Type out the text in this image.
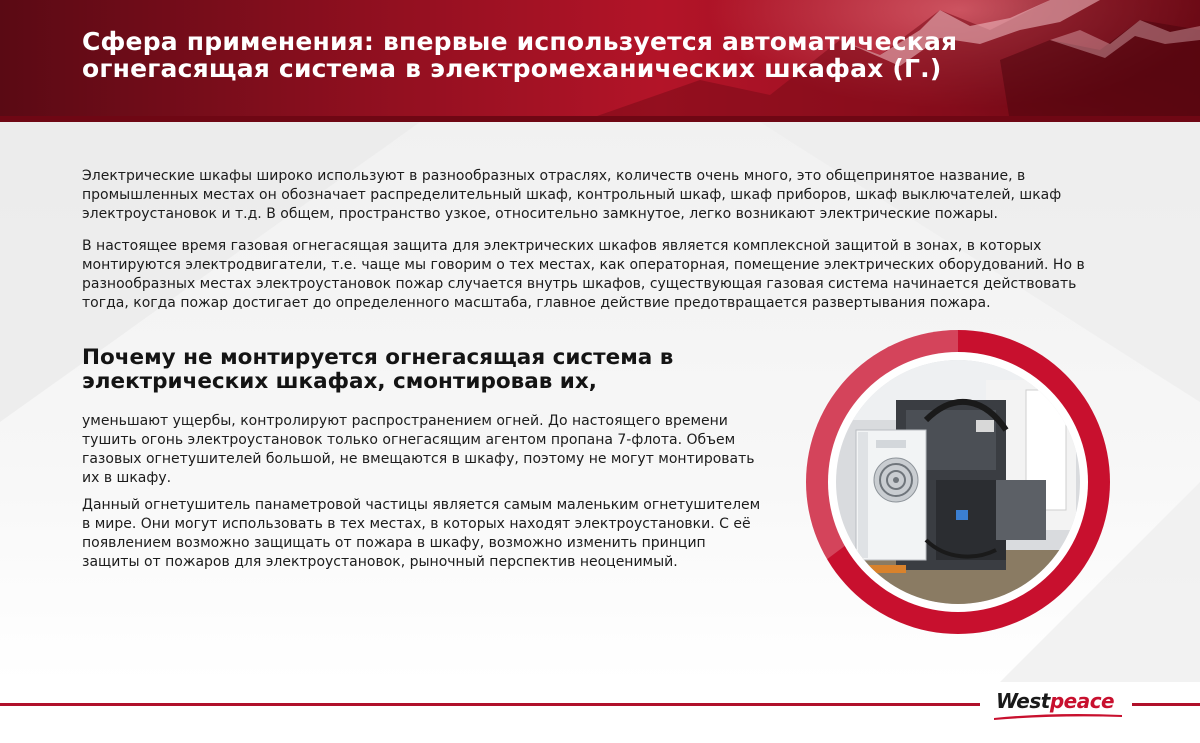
Сфера применения: впервые используется автоматическая огнегасящая система в электромеханических шкафах (Г.)

Электрические шкафы широко используют в разнообразных отраслях, количеств очень много, это общепринятое название, в промышленных местах он обозначает распределительный шкаф, контрольный шкаф, шкаф приборов, шкаф выключателей, шкаф электроустановок и т.д. В общем, пространство узкое, относительно замкнутое, легко возникают электрические пожары.

В настоящее время газовая огнегасящая защита для электрических шкафов является комплексной защитой в зонах, в которых монтируются электродвигатели, т.е. чаще мы говорим о тех местах, как операторная, помещение электрических оборудований. Но в разнообразных местах электроустановок пожар случается внутрь шкафов, существующая газовая система начинается действовать тогда, когда пожар достигает до определенного масштаба, главное действие предотвращается развертывания пожара.

Почему не монтируется огнегасящая система в электрических шкафах, смонтировав их,

уменьшают ущербы, контролируют распространением огней. До настоящего времени тушить огонь электроустановок только огнегасящим агентом пропана 7-флота. Объем газовых огнетушителей большой, не вмещаются в шкафу, поэтому не могут монтировать их в шкафу.

Данный огнетушитель панаметровой частицы является самым маленьким огнетушителем в мире. Они могут использовать в тех местах, в которых находят электроустановки. С её появлением возможно защищать от пожара в шкафу, возможно изменить принцип защиты от пожаров для электроустановок, рыночный перспектив неоценимый.

Westpeace
